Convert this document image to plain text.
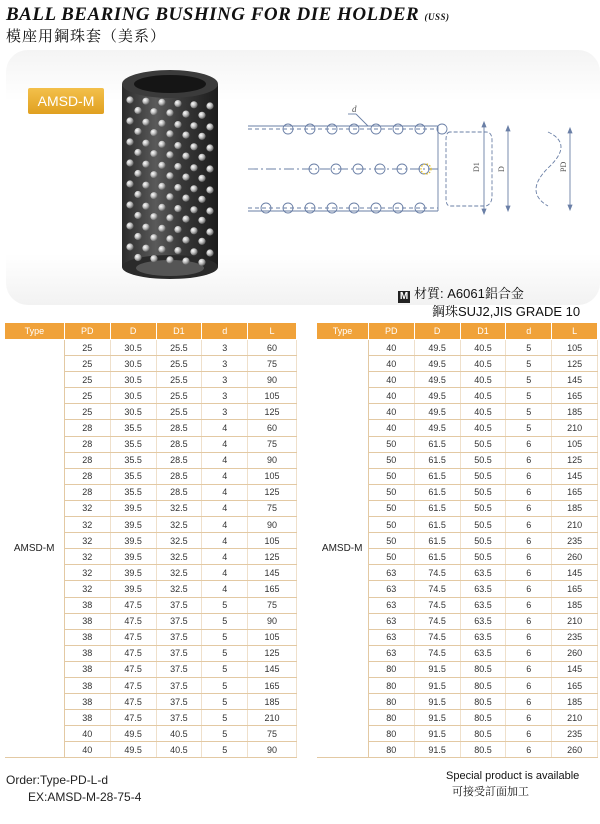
BALL BEARING BUSHING FOR DIE HOLDER (USS)
模座用鋼珠套（美系）
AMSD-M	d
D1 D	PD
M 材質: A6061鋁合金
鋼珠SUJ2,JIS GRADE 10
Type	PD	D	D1	d	L
AMSD-M	25	30.5	25.5	3	60
	25	30.5	25.5	3	75
	25	30.5	25.5	3	90
	25	30.5	25.5	3	105
	25	30.5	25.5	3	125
	28	35.5	28.5	4	60
	28	35.5	28.5	4	75
	28	35.5	28.5	4	90
	28	35.5	28.5	4	105
	28	35.5	28.5	4	125
	32	39.5	32.5	4	75
	32	39.5	32.5	4	90
	32	39.5	32.5	4	105
	32	39.5	32.5	4	125
	32	39.5	32.5	4	145
	32	39.5	32.5	4	165
	38	47.5	37.5	5	75
	38	47.5	37.5	5	90
	38	47.5	37.5	5	105
	38	47.5	37.5	5	125
	38	47.5	37.5	5	145
	38	47.5	37.5	5	165
	38	47.5	37.5	5	185
	38	47.5	37.5	5	210
	40	49.5	40.5	5	75
	40	49.5	40.5	5	90
Type	PD	D	D1	d	L
AMSD-M	40	49.5	40.5	5	105
	40	49.5	40.5	5	125
	40	49.5	40.5	5	145
	40	49.5	40.5	5	165
	40	49.5	40.5	5	185
	40	49.5	40.5	5	210
	50	61.5	50.5	6	105
	50	61.5	50.5	6	125
	50	61.5	50.5	6	145
	50	61.5	50.5	6	165
	50	61.5	50.5	6	185
	50	61.5	50.5	6	210
	50	61.5	50.5	6	235
	50	61.5	50.5	6	260
	63	74.5	63.5	6	145
	63	74.5	63.5	6	165
	63	74.5	63.5	6	185
	63	74.5	63.5	6	210
	63	74.5	63.5	6	235
	63	74.5	63.5	6	260
	80	91.5	80.5	6	145
	80	91.5	80.5	6	165
	80	91.5	80.5	6	185
	80	91.5	80.5	6	210
	80	91.5	80.5	6	235
	80	91.5	80.5	6	260
Order:Type-PD-L-d
EX:AMSD-M-28-75-4
Special product is available
可接受訂面加工
